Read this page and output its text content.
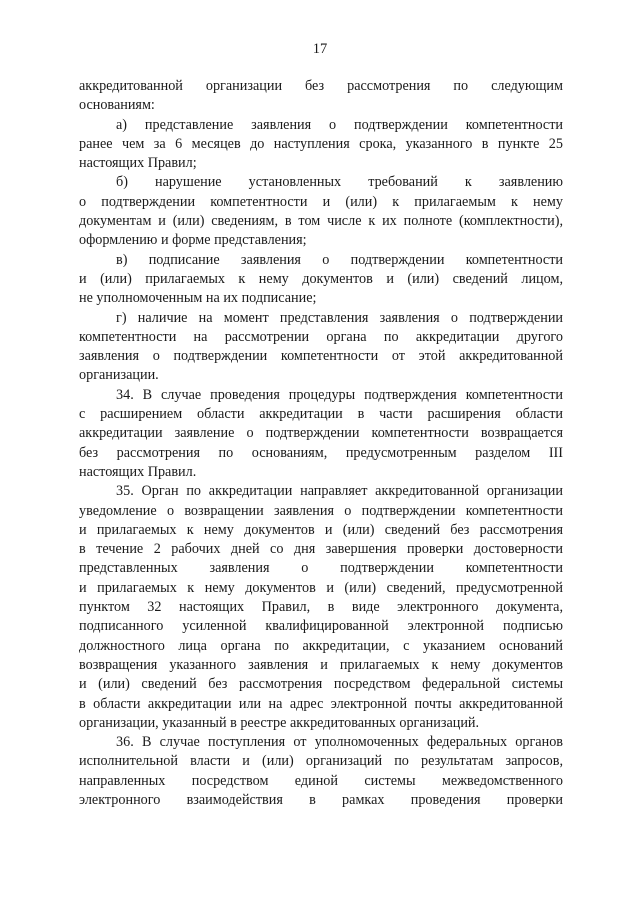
17
аккредитованной организации без рассмотрения по следующим
основаниям:
а) представление заявления о подтверждении компетентности
ранее чем за 6 месяцев до наступления срока, указанного в пункте 25
настоящих Правил;
б) нарушение установленных требований к заявлению
о подтверждении компетентности и (или) к прилагаемым к нему
документам и (или) сведениям, в том числе к их полноте (комплектности),
оформлению и форме представления;
в) подписание заявления о подтверждении компетентности
и (или) прилагаемых к нему документов и (или) сведений лицом,
не уполномоченным на их подписание;
г) наличие на момент представления заявления о подтверждении
компетентности на рассмотрении органа по аккредитации другого
заявления о подтверждении компетентности от этой аккредитованной
организации.
34. В случае проведения процедуры подтверждения компетентности
с расширением области аккредитации в части расширения области
аккредитации заявление о подтверждении компетентности возвращается
без рассмотрения по основаниям, предусмотренным разделом III
настоящих Правил.
35. Орган по аккредитации направляет аккредитованной организации
уведомление о возвращении заявления о подтверждении компетентности
и прилагаемых к нему документов и (или) сведений без рассмотрения
в течение 2 рабочих дней со дня завершения проверки достоверности
представленных заявления о подтверждении компетентности
и прилагаемых к нему документов и (или) сведений, предусмотренной
пунктом 32 настоящих Правил, в виде электронного документа,
подписанного усиленной квалифицированной электронной подписью
должностного лица органа по аккредитации, с указанием оснований
возвращения указанного заявления и прилагаемых к нему документов
и (или) сведений без рассмотрения посредством федеральной системы
в области аккредитации или на адрес электронной почты аккредитованной
организации, указанный в реестре аккредитованных организаций.
36. В случае поступления от уполномоченных федеральных органов
исполнительной власти и (или) организаций по результатам запросов,
направленных посредством единой системы межведомственного
электронного взаимодействия в рамках проведения проверки
